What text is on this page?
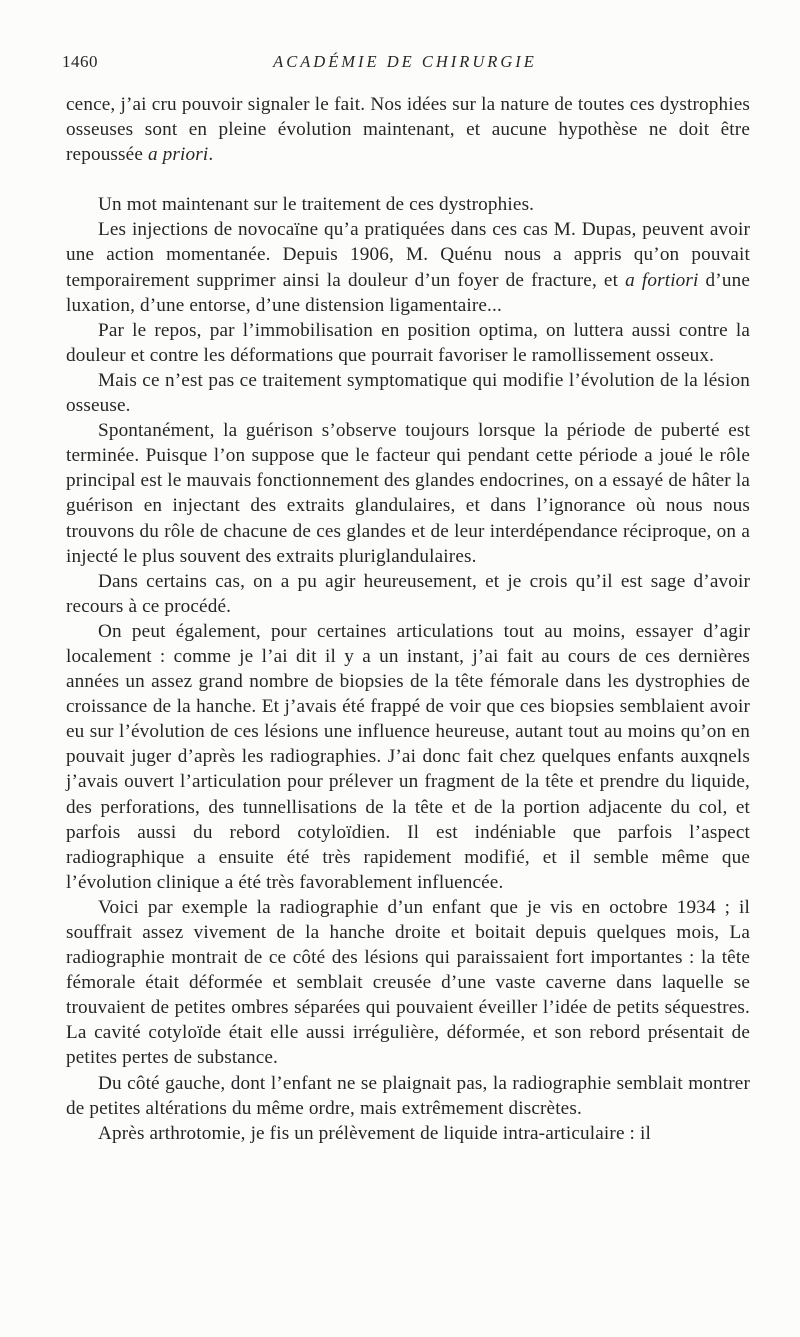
1460	ACADÉMIE DE CHIRURGIE

cence, j’ai cru pouvoir signaler le fait. Nos idées sur la nature de toutes ces dystrophies osseuses sont en pleine évolution maintenant, et aucune hypothèse ne doit être repoussée a priori.

Un mot maintenant sur le traitement de ces dystrophies.

Les injections de novocaïne qu’a pratiquées dans ces cas M. Dupas, peuvent avoir une action momentanée. Depuis 1906, M. Quénu nous a appris qu’on pouvait temporairement supprimer ainsi la douleur d’un foyer de fracture, et a fortiori d’une luxation, d’une entorse, d’une distension ligamentaire...

Par le repos, par l’immobilisation en position optima, on luttera aussi contre la douleur et contre les déformations que pourrait favoriser le ramollissement osseux.

Mais ce n’est pas ce traitement symptomatique qui modifie l’évolution de la lésion osseuse.

Spontanément, la guérison s’observe toujours lorsque la période de puberté est terminée. Puisque l’on suppose que le facteur qui pendant cette période a joué le rôle principal est le mauvais fonctionnement des glandes endocrines, on a essayé de hâter la guérison en injectant des extraits glandulaires, et dans l’ignorance où nous nous trouvons du rôle de chacune de ces glandes et de leur interdépendance réciproque, on a injecté le plus souvent des extraits pluriglandulaires.

Dans certains cas, on a pu agir heureusement, et je crois qu’il est sage d’avoir recours à ce procédé.

On peut également, pour certaines articulations tout au moins, essayer d’agir localement : comme je l’ai dit il y a un instant, j’ai fait au cours de ces dernières années un assez grand nombre de biopsies de la tête fémorale dans les dystrophies de croissance de la hanche. Et j’avais été frappé de voir que ces biopsies semblaient avoir eu sur l’évolution de ces lésions une influence heureuse, autant tout au moins qu’on en pouvait juger d’après les radiographies. J’ai donc fait chez quelques enfants auxqnels j’avais ouvert l’articulation pour prélever un fragment de la tête et prendre du liquide, des perforations, des tunnellisations de la tête et de la portion adjacente du col, et parfois aussi du rebord cotyloïdien. Il est indéniable que parfois l’aspect radiographique a ensuite été très rapidement modifié, et il semble même que l’évolution clinique a été très favorablement influencée.

Voici par exemple la radiographie d’un enfant que je vis en octobre 1934 ; il souffrait assez vivement de la hanche droite et boitait depuis quelques mois, La radiographie montrait de ce côté des lésions qui paraissaient fort importantes : la tête fémorale était déformée et semblait creusée d’une vaste caverne dans laquelle se trouvaient de petites ombres séparées qui pouvaient éveiller l’idée de petits séquestres. La cavité cotyloïde était elle aussi irrégulière, déformée, et son rebord présentait de petites pertes de substance.

Du côté gauche, dont l’enfant ne se plaignait pas, la radiographie semblait montrer de petites altérations du même ordre, mais extrêmement discrètes.

Après arthrotomie, je fis un prélèvement de liquide intra-articulaire : il
